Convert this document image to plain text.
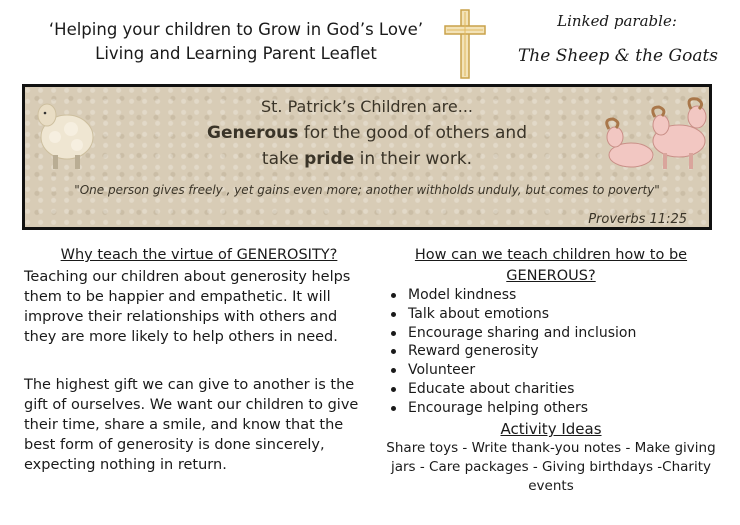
‘Helping your children to Grow in God’s Love’
Living and Learning Parent Leaflet
Linked parable:
The Sheep & the Goats
St. Patrick’s Children are...
Generous for the good of others and
take pride in their work.
"One person gives freely , yet gains even more; another withholds unduly, but comes to poverty"
Proverbs 11:25
Why teach the virtue of GENEROSITY?
Teaching our children about generosity helps them to be happier and empathetic. It will improve their relationships with others and they are more likely to help others in need.
The highest gift we can give to another is the gift of ourselves. We want our children to give their time, share a smile, and know that the best form of generosity is done sincerely, expecting nothing in return.
How can we teach children how to be GENEROUS?
Model kindness
Talk about emotions
Encourage sharing and inclusion
Reward generosity
Volunteer
Educate about charities
Encourage helping others
Activity Ideas
Share toys - Write thank-you notes - Make giving jars - Care packages - Giving birthdays -Charity events
